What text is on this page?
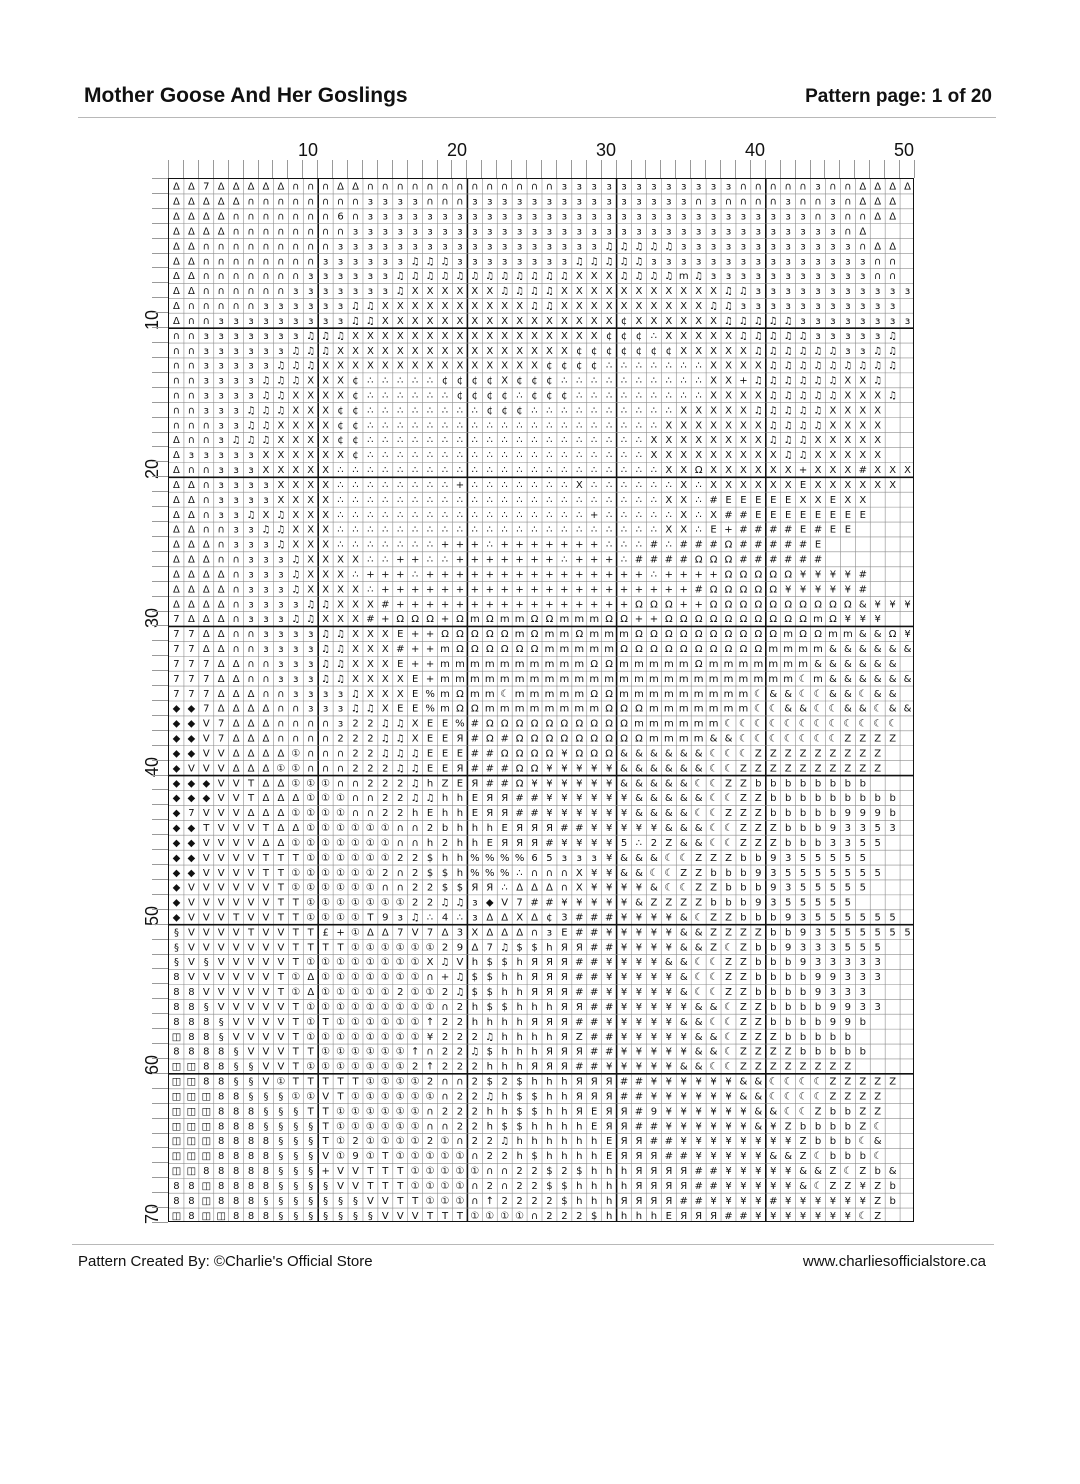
Mother Goose And Her Goslings	Pattern page: 1 of 20
10	20	30	40	50
10
20
30
40
50
60
70
Δ Δ 7 Δ Δ Δ Δ Δ ∩ ∩ ∩ Δ Δ ∩ ∩ ∩ ∩ ∩ ∩ ∩ ∩ ∩ ∩ ∩ ∩ ∩ ɜ ɜ ɜ ɜ ɜ ɜ ɜ ɜ ɜ ɜ ɜ ɜ ∩ ∩ ∩ ∩ ∩ ɜ ∩ ∩ Δ Δ Δ Δ
Δ Δ Δ Δ Δ ∩ ∩ ∩ ∩ ∩ ∩ ∩ ∩ ɜ ɜ ɜ ɜ ∩ ∩ ∩ ɜ ɜ ɜ ɜ ɜ ɜ ɜ ɜ ɜ ɜ ɜ ɜ ɜ ɜ ɜ ∩ ɜ ∩ ∩ ∩ ∩ ɜ ∩ ∩ ɜ ∩ Δ Δ Δ
Δ Δ Δ Δ ∩ ∩ ∩ ∩ ∩ ∩ ∩ 6 ∩ ɜ ɜ ɜ ɜ ɜ ɜ ɜ ɜ ɜ ɜ ɜ ɜ ɜ ɜ ɜ ɜ ɜ ɜ ɜ ɜ ɜ ɜ ɜ ɜ ɜ ɜ ɜ ɜ ɜ ɜ ∩ ɜ ∩ ∩ Δ Δ
Δ Δ Δ Δ ∩ ∩ ∩ ∩ ∩ ∩ ∩ ∩ ɜ ɜ ɜ ɜ ɜ ɜ ɜ ɜ ɜ ɜ ɜ ɜ ɜ ɜ ɜ ɜ ɜ ɜ ɜ ɜ ɜ ɜ ɜ ɜ ɜ ɜ ɜ ɜ ɜ ɜ ɜ ɜ ɜ ∩ Δ
Δ Δ ∩ ∩ ∩ ∩ ∩ ∩ ∩ ∩ ∩ ɜ ɜ ɜ ɜ ɜ ɜ ɜ ɜ ɜ ɜ ɜ ɜ ɜ ɜ ɜ ɜ ɜ ɜ ♫ ♫ ♫ ♫ ♫ ɜ ɜ ɜ ɜ ɜ ɜ ɜ ɜ ɜ ɜ ɜ ɜ ∩ Δ Δ
Δ Δ ∩ ∩ ∩ ∩ ∩ ∩ ∩ ∩ ɜ ɜ ɜ ɜ ɜ ɜ ♫ ♫ ♫ ɜ ɜ ɜ ɜ ɜ ɜ ɜ ɜ ♫ ♫ ♫ ♫ ♫ ɜ ɜ ɜ ɜ ɜ ɜ ɜ ɜ ɜ ɜ ɜ ɜ ɜ ɜ ɜ ∩ ∩
Δ Δ ∩ ∩ ∩ ∩ ∩ ∩ ∩ ɜ ɜ ɜ ɜ ɜ ɜ ♫ ♫ ♫ ♫ ♫ ♫ ♫ ♫ ♫ ♫ ♫ ♫ X X X ♫ ♫ ♫ ♫ m ♫ ɜ ɜ ɜ ɜ ɜ ɜ ɜ ɜ ɜ ɜ ɜ ∩ ∩
Δ Δ ∩ ∩ ∩ ∩ ∩ ∩ ɜ ɜ ɜ ɜ ɜ ɜ ɜ ♫ X X X X X X ♫ ♫ ♫ ♫ X X X X X X X X X X X ♫ ♫ ɜ ɜ ɜ ɜ ɜ ɜ ɜ ɜ ɜ ɜ ɜ
Δ ∩ ∩ ∩ ∩ ∩ ɜ ɜ ɜ ɜ ɜ ɜ ♫ ♫ X X X X X X X X X X ♫ ♫ X X X X X X X X X X ♫ ♫ ɜ ɜ ɜ ɜ ɜ ɜ ɜ ɜ ɜ ɜ ɜ
Δ ∩ ∩ ɜ ɜ ɜ ɜ ɜ ɜ ɜ ɜ ɜ ♫ ♫ X X X X X X X X X X X X X X X X ¢ X X X X X X ♫ ♫ ♫ ♫ ♫ ɜ ɜ ɜ ɜ ɜ ɜ ɜ ɜ
∩ ∩ ɜ ɜ ɜ ɜ ɜ ɜ ɜ ♫ ♫ ♫ X X X X X X X X X X X X X X X X X ¢ ¢ ¢ ∴ X X X X X ♫ ♫ ♫ ♫ ♫ ɜ ɜ ɜ ɜ ɜ ♫
∩ ∩ ɜ ɜ ɜ ɜ ɜ ɜ ♫ ♫ ♫ X X X X X X X X X X X X X X X X ¢ ¢ ¢ ¢ ¢ ¢ ¢ X X X X X ♫ ♫ ♫ ♫ ♫ ♫ ɜ ɜ ♫ ♫
∩ ∩ ɜ ɜ ɜ ɜ ɜ ♫ ♫ ♫ X X X X X X X X X X X X X X X ¢ ¢ ¢ ¢ ∴ ∴ ∴ ∴ ∴ ∴ ∴ X X X X ♫ ♫ ♫ ♫ ♫ ♫ ♫ ♫ ♫
∩ ∩ ɜ ɜ ɜ ɜ ♫ ♫ ♫ X X X ¢ ∴ ∴ ∴ ∴ ∴ ¢ ¢ ¢ ¢ X ¢ ¢ ¢ ∴ ∴ ∴ ∴ ∴ ∴ ∴ ∴ ∴ ∴ X X + ♫ ♫ ♫ ♫ ♫ ♫ X X ♫
∩ ∩ ɜ ɜ ɜ ɜ ♫ ♫ X X X X ¢ ∴ ∴ ∴ ∴ ∴ ∴ ¢ ¢ ¢ ¢ ∴ ¢ ¢ ¢ ∴ ∴ ∴ ∴ ∴ ∴ ∴ ∴ ∴ X X X X ♫ ♫ ♫ ♫ ♫ X X X ♫
∩ ∩ ɜ ɜ ɜ ♫ ♫ ♫ X X X ¢ ¢ ∴ ∴ ∴ ∴ ∴ ∴ ∴ ∴ ¢ ¢ ¢ ∴ ∴ ∴ ∴ ∴ ∴ ∴ ∴ ∴ ∴ X X X X X ♫ ♫ ♫ ♫ ♫ X X X X
∩ ∩ ∩ ɜ ɜ ♫ ♫ X X X X ¢ ¢ ∴ ∴ ∴ ∴ ∴ ∴ ∴ ∴ ∴ ∴ ∴ ∴ ∴ ∴ ∴ ∴ ∴ ∴ ∴ ∴ X X X X X X X ♫ ♫ ♫ ♫ X X X X
Δ ∩ ∩ ɜ ♫ ♫ ♫ X X X X ¢ ¢ ∴ ∴ ∴ ∴ ∴ ∴ ∴ ∴ ∴ ∴ ∴ ∴ ∴ ∴ ∴ ∴ ∴ ∴ ∴ X X X X X X X X ♫ ♫ ♫ X X X X X
Δ ɜ ɜ ɜ ɜ ɜ X X X X X X ¢ ∴ ∴ ∴ ∴ ∴ ∴ ∴ ∴ ∴ ∴ ∴ ∴ ∴ ∴ ∴ ∴ ∴ ∴ ∴ X X X X X X X X X ♫ ♫ X X X X X
Δ ∩ ∩ ɜ ɜ ɜ X X X X X ∴ ∴ ∴ ∴ ∴ ∴ ∴ ∴ ∴ ∴ ∴ ∴ ∴ ∴ ∴ ∴ ∴ ∴ ∴ ∴ ∴ ∴ X X Ω X X X X X X + X X X # X X X
Δ Δ ∩ ɜ ɜ ɜ ɜ X X X X ∴ ∴ ∴ ∴ ∴ ∴ ∴ ∴ + ∴ ∴ ∴ ∴ ∴ ∴ ∴ X ∴ ∴ ∴ ∴ ∴ ∴ X ∴ X X X X X X E X X X X X X
Δ Δ ∩ ɜ ɜ ɜ ɜ X X X X ∴ ∴ ∴ ∴ ∴ ∴ ∴ ∴ ∴ ∴ ∴ ∴ ∴ ∴ ∴ ∴ ∴ ∴ ∴ ∴ ∴ ∴ X X ∴ # E E E E E X X E X X
Δ Δ ∩ ɜ ɜ ♫ X ♫ X X X ∴ ∴ ∴ ∴ ∴ ∴ ∴ ∴ ∴ ∴ ∴ ∴ ∴ ∴ ∴ ∴ ∴ + ∴ ∴ ∴ ∴ ∴ X ∴ X # # E E E E E E E E
Δ Δ ∩ ∩ ɜ ɜ ♫ ♫ X X X ∴ ∴ ∴ ∴ ∴ ∴ ∴ ∴ ∴ ∴ ∴ ∴ ∴ ∴ ∴ ∴ ∴ ∴ ∴ ∴ ∴ ∴ X X ∴ E + # # # # E # E E
Δ Δ Δ ∩ ɜ ɜ ɜ ♫ X X X ∴ ∴ ∴ ∴ ∴ ∴ ∴ + + + ∴ + + + + + + + ∴ ∴ ∴ # ∴ # # # Ω # # # # # E
Δ Δ Δ ∩ ∩ ɜ ɜ ɜ ♫ X X X X ∴ ∴ + + ∴ ∴ + + + + + + + ∴ + + + ∴ # # # # Ω Ω Ω # # # # # #
Δ Δ Δ Δ ∩ ɜ ɜ ɜ ♫ X X X ∴ + + + ∴ + + + + + + + + + + + + + + + ∴ + + + + Ω Ω Ω Ω Ω ¥ ¥ ¥ ¥ #
Δ Δ Δ Δ ∩ ɜ ɜ ɜ ♫ X X X X ∴ + + + + + + + + + + + + + + + + + + + + + # Ω Ω Ω Ω Ω ¥ ¥ ¥ ¥ ¥ #
Δ Δ Δ Δ ∩ ɜ ɜ ɜ ɜ ♫ ♫ X X X # + + + + + + + + + + + + + + + + Ω Ω Ω + + Ω Ω Ω Ω Ω Ω Ω Ω Ω Ω & ¥ ¥ ¥
7 Δ Δ Δ ∩ ɜ ɜ ɜ ♫ ♫ X X X # + Ω Ω Ω + Ω m Ω m m Ω Ω m m m Ω Ω + + Ω Ω Ω Ω Ω Ω Ω Ω Ω Ω m Ω ¥ ¥ ¥
7 7 Δ Δ ∩ ∩ ɜ ɜ ɜ ɜ ♫ ♫ X X X E + + Ω Ω Ω Ω Ω m Ω m m Ω m m m Ω Ω Ω Ω Ω Ω Ω Ω Ω Ω m Ω Ω m m & & Ω ¥
7 7 Δ Δ ∩ ∩ ɜ ɜ ɜ ɜ ♫ ♫ X X X # + + m Ω Ω Ω Ω Ω Ω m m m m m Ω Ω Ω Ω Ω Ω Ω Ω Ω Ω m m m m & & & & & &
7 7 7 Δ Δ ∩ ∩ ɜ ɜ ɜ ♫ ♫ X X X E + + m m m m m m m m m m Ω Ω m m m m m Ω m m m m m m m & & & & & &
7 7 7 Δ Δ ∩ ∩ ɜ ɜ ɜ ♫ ♫ X X X X E + m m m m m m m m m m m m m m m m m m m m m m m m ☾ m & & & & & &
7 7 7 Δ Δ Δ ∩ ∩ ɜ ɜ ɜ ɜ ♫ X X X E % m Ω m m ☾ m m m m m Ω Ω m m m m m m m m m ☾ & & ☾ ☾ & & ☾ & &
◆ ◆ 7 Δ Δ Δ Δ ∩ ∩ ɜ ɜ ɜ ♫ ♫ X E E % m Ω Ω m m m m m m m m Ω Ω Ω m m m m m m m ☾ ☾ & & ☾ ☾ & & ☾ & &
◆ ◆ V 7 Δ Δ Δ ∩ ∩ ∩ ∩ ɜ 2 2 ♫ ♫ X E E % # Ω Ω Ω Ω Ω Ω Ω Ω Ω Ω m m m m m m ☾ ☾ ☾ ☾ ☾ ☾ ☾ ☾ ☾ ☾ ☾ ☾
◆ ◆ V 7 Δ Δ Δ ∩ ∩ ∩ ∩ 2 2 2 ♫ ♫ X E E Я # Ω # Ω Ω Ω Ω Ω Ω Ω Ω Ω m m m m & & ☾ ☾ ☾ ☾ ☾ ☾ ☾ Z Z Z Z
◆ ◆ V V Δ Δ Δ Δ ① ∩ ∩ ∩ 2 2 ♫ ♫ ♫ E E E # # Ω Ω Ω Ω ¥ Ω Ω Ω & & & & & & ☾ ☾ ☾ Z Z Z Z Z Z Z Z Z
◆ V V V Δ Δ Δ ① ① ∩ ∩ ∩ 2 2 2 ♫ ♫ E E Я # # # Ω Ω ¥ ¥ ¥ ¥ ¥ & & & & & & ☾ ☾ Z Z Z Z Z Z Z Z Z Z
◆ ◆ ◆ V V T Δ Δ ① ① ① ∩ ∩ 2 2 2 ♫ h Z E Я # # Ω ¥ ¥ ¥ ¥ ¥ ¥ & & & & & ☾ ☾ Z Z b b b b b b b b
◆ ◆ ◆ V V T Δ Δ Δ ① ① ① ∩ ∩ 2 2 ♫ ♫ h h E Я Я # # ¥ ¥ ¥ ¥ ¥ ¥ & & & & & ☾ ☾ Z Z b b b b b b b b b
◆ 7 V V V Δ Δ Δ ① ① ① ① ∩ ∩ 2 2 h E h h E Я Я # # ¥ ¥ ¥ ¥ ¥ ¥ & & & & ☾ ☾ Z Z Z b b b b b 9 9 9 b
◆ ◆ T V V V T Δ Δ ① ① ① ① ① ① ∩ ∩ 2 b h h h E Я Я Я # # ¥ ¥ ¥ ¥ ¥ & & & ☾ ☾ Z Z Z b b b 9 3 3 5 3
◆ ◆ V V V V Δ Δ ① ① ① ① ① ① ① ∩ ∩ h 2 h h E Я Я Я # ¥ ¥ ¥ ¥ 5 ∴ 2 Z & & ☾ ☾ Z Z Z b b b 3 3 5 5
◆ ◆ V V V V T T T ① ① ① ① ① ① 2 2 $ h h % % % % 6 5 ɜ ɜ ɜ ¥ & & & ☾ ☾ Z Z Z b b 9 3 5 5 5 5 5
◆ ◆ V V V V T T ① ① ① ① ① ① 2 ∩ 2 $ $ h % % % ∴ ∩ ∩ ∩ X ¥ ¥ & & ☾ ☾ Z Z b b b 9 3 5 5 5 5 5 5 5
◆ V V V V V V T ① ① ① ① ① ① ∩ ∩ 2 2 $ $ Я Я ∴ Δ Δ Δ ∩ X ¥ ¥ ¥ ¥ & ☾ ☾ Z Z b b b 9 3 5 5 5 5 5
◆ V V V V V V T T ① ① ① ① ① ① ① 2 2 ♫ ♫ ɜ ◆ V 7 # # ¥ ¥ ¥ ¥ ¥ & Z Z Z Z b b b 9 3 5 5 5 5 5
◆ V V V T V V T T ① ① ① ① T 9 ɜ ♫ ∴ 4 ∴ ɜ Δ Δ X Δ ¢ 3 # # # ¥ ¥ ¥ ¥ & ☾ Z Z b b b 9 3 5 5 5 5 5 5
§ V V V V T V V T T £ + ① Δ Δ 7 V 7 Δ 3 X Δ Δ Δ ∩ ɜ E # # ¥ ¥ ¥ ¥ ¥ & & Z Z Z Z b b 9 3 5 5 5 5 5 5
§ V V V V V V V T T T T ① ① ① ① ① ① 2 9 Δ 7 ♫ $ $ h Я Я # # ¥ ¥ ¥ ¥ & & Z ☾ Z b b 9 3 3 3 5 5 5
§ V § V V V V V T ① ① ① ① ① ① ① ① X ♫ V h $ $ h Я Я Я # # ¥ ¥ ¥ ¥ & & ☾ ☾ Z Z b b b 9 3 3 3 3 3
8 V V V V V V T ① Δ ① ① ① ① ① ① ① ∩ + ♫ $ $ h h Я Я Я # # ¥ ¥ ¥ ¥ ¥ & ☾ ☾ Z Z b b b b 9 9 3 3 3
8 8 V V V V V T ① Δ ① ① ① ① ① 2 ① ① 2 ♫ $ $ h h Я Я Я # # ¥ ¥ ¥ ¥ ¥ & ☾ ☾ Z Z b b b b 9 3 3 3
8 8 § V V V V V T ① ① ① ① ① ① ① ① ① ∩ 2 h $ $ h h h Я Я # # ¥ ¥ ¥ ¥ ¥ & & ☾ Z Z b b b b 9 9 3 3
8 8 8 § V V V V T ① T ① ① ① ① ① ① ↑ 2 2 h h h h Я Я Я # # ¥ ¥ ¥ ¥ ¥ & & ☾ ☾ Z Z b b b b 9 9 b
◫ 8 8 § V V V V T ① ① ① ① ① ① ① ① ¥ 2 2 2 ♫ h h h h Я Z # # ¥ ¥ ¥ ¥ ¥ & & ☾ Z Z Z b b b b b
8 8 8 8 § V V V T T ① ① ① ① ① ① ↑ ∩ 2 2 ♫ $ h h h Я Я Я # # ¥ ¥ ¥ ¥ ¥ & & ☾ Z Z Z Z b b b b b
◫ ◫ 8 8 § § V V T ① ① ① ① ① ① ① 2 ↑ 2 2 2 h h h Я Я Я # # ¥ ¥ ¥ ¥ ¥ & & ☾ ☾ Z Z Z Z Z Z Z Z
◫ ◫ 8 8 § § V ① T T T T T ① ① ① ① 2 ∩ ∩ 2 $ 2 $ h h h Я Я Я # # ¥ ¥ ¥ ¥ ¥ ¥ & & ☾ ☾ ☾ ☾ Z Z Z Z Z
◫ ◫ ◫ 8 8 § § § ① ① V T ① ① ① ① ① ① ∩ 2 2 ♫ h $ $ h h Я Я Я # # ¥ ¥ ¥ ¥ ¥ ¥ & & ☾ ☾ ☾ ☾ Z Z Z Z
◫ ◫ ◫ 8 8 8 § § § T T ① ① ① ① ① ① ∩ 2 2 2 h h $ $ h h Я E Я Я # 9 ¥ ¥ ¥ ¥ ¥ ¥ & & ☾ ☾ Z b b Z Z
◫ ◫ ◫ 8 8 8 § § § § T ① ① ① ① ① ① ∩ ∩ 2 2 h $ $ h h h h E Я Я # # ¥ ¥ ¥ ¥ ¥ ¥ & ¥ Z b b b b Z ☾
◫ ◫ ◫ 8 8 8 8 § § § T ① 2 ① ① ① ① 2 ① ∩ 2 2 ♫ h h h h h h E Я Я # # ¥ ¥ ¥ ¥ ¥ ¥ ¥ ¥ Z b b b ☾ &
◫ ◫ ◫ 8 8 8 8 § § § V ① 9 ① T ① ① ① ① ① ∩ 2 2 h $ h h h h E Я Я Я # # ¥ ¥ ¥ ¥ ¥ & & Z ☾ b b b ☾
◫ ◫ 8 8 8 8 8 § § § + V V T T T ① ① ① ① ① ∩ ∩ 2 2 $ 2 $ h h h Я Я Я Я # # ¥ ¥ ¥ ¥ ¥ & & Z ☾ Z b &
8 8 ◫ 8 8 8 8 § § § § V V T T T ① ① ① ① ∩ 2 ∩ 2 2 $ $ h h h h Я Я Я Я # # ¥ ¥ ¥ ¥ ¥ & ☾ Z Z ¥ Z b
8 8 ◫ 8 8 8 § § § § § § § V V T T ① ① ① ∩ ↑ 2 2 2 2 $ h h h Я Я Я Я # # ¥ ¥ ¥ ¥ # ¥ ¥ ¥ ¥ ¥ ¥ Z b
◫ 8 ◫ ◫ 8 8 8 § § § § § § § V V V T T T ① ① ① ① ∩ 2 2 2 $ h h h h E Я Я Я # # ¥ ¥ ¥ ¥ ¥ ¥ ¥ ☾ Z
Pattern Created By: ©Charlie's Official Store	www.charliesofficialstore.ca
